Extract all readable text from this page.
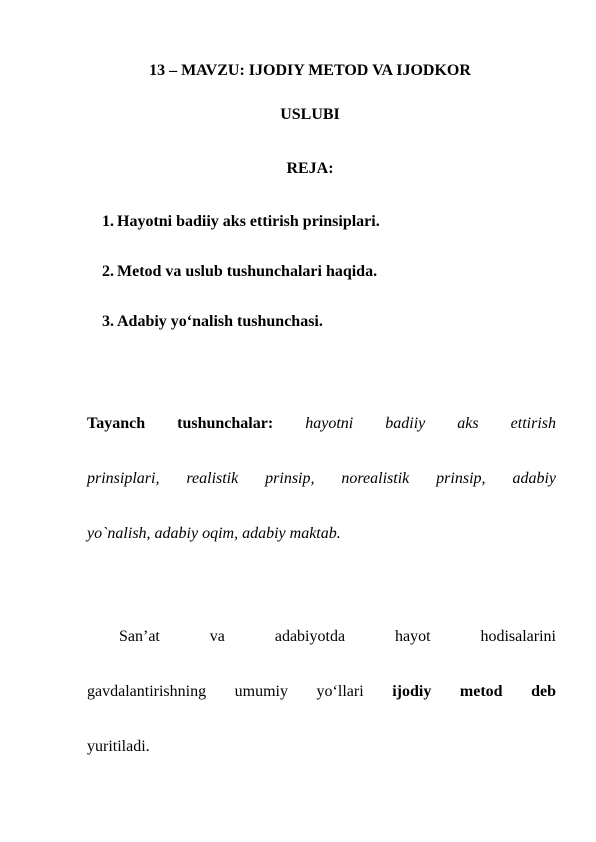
13 – MAVZU: IJODIY METOD VA IJODKOR
USLUBI
REJA:
1. Hayotni badiiy aks ettirish prinsiplari.
2. Metod va uslub tushunchalari haqida.
3. Adabiy yo‘nalish tushunchasi.
Tayanch tushunchalar: hayotni badiiy aks ettirish
prinsiplari, realistik prinsip, norealistik prinsip, adabiy
yo`nalish, adabiy oqim, adabiy maktab.
San’at va adabiyotda hayot hodisalarini
gavdalantirishning umumiy yo‘llari ijodiy metod deb
yuritiladi.
